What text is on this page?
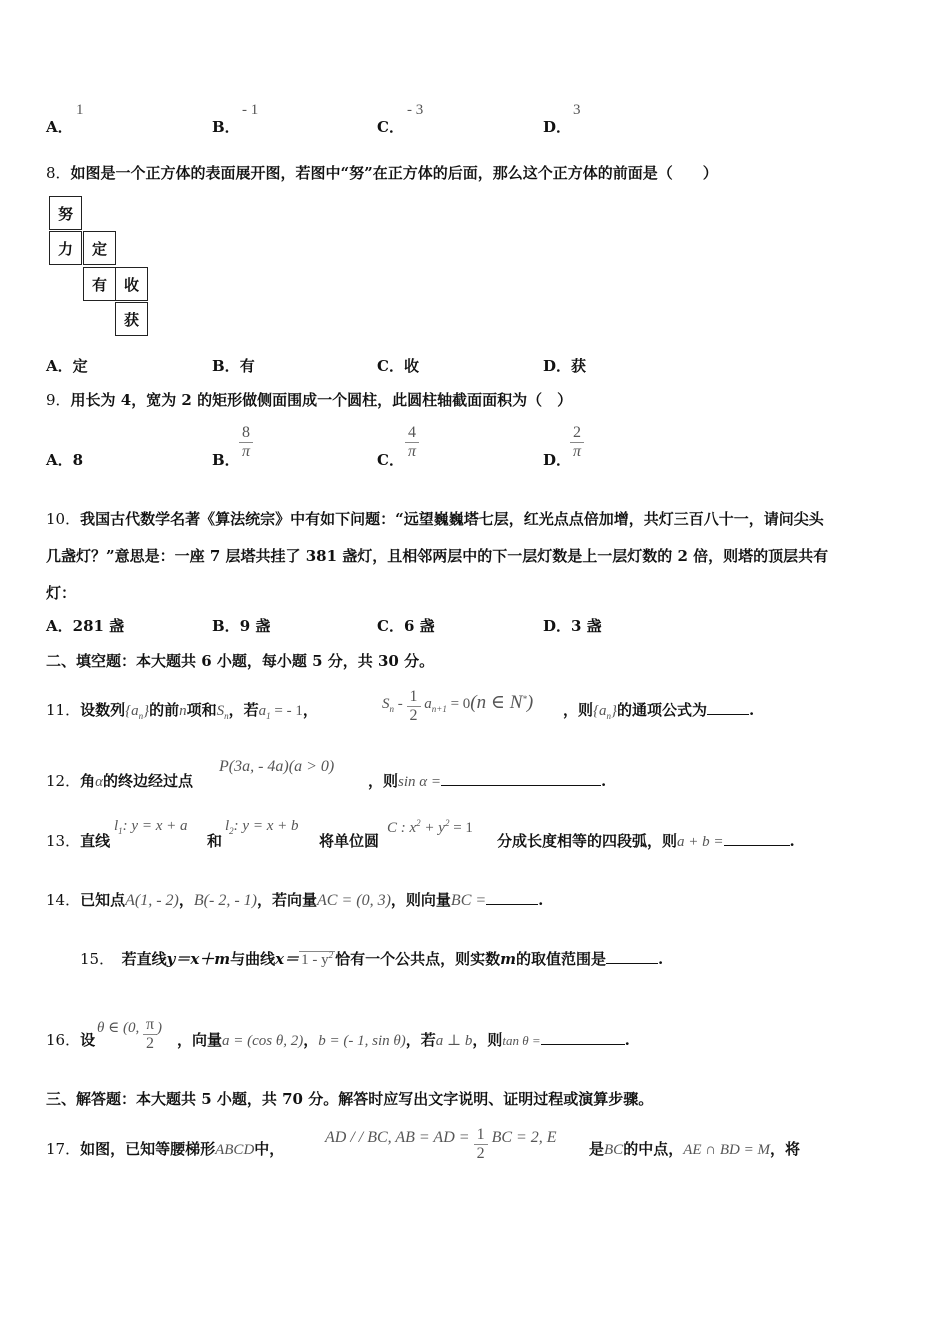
A．
1
B．
- 1
C．
- 3
D．
3
8．如图是一个正方体的表面展开图，若图中“努”在正方体的后面，那么这个正方体的前面是（　　）
努
力	定
有	收
获
A．定	B．有	C．收	D．获
9．用长为 4，宽为 2 的矩形做侧面围成一个圆柱，此圆柱轴截面面积为（　）
A．8	B． $\frac{8}{\pi}$	C． $\frac{4}{\pi}$	D．
$\frac{2}{\pi}$
10．我国古代数学名著《算法统宗》中有如下问题：“远望巍巍塔七层，红光点点倍加增，共灯三百八十一，请问尖头
几盏灯？”意思是：一座 7 层塔共挂了 381 盏灯，且相邻两层中的下一层灯数是上一层灯数的 2 倍，则塔的顶层共有
灯：
A．281 盏	B．9 盏	C．6 盏	D．3 盏
二、填空题：本大题共 6 小题，每小题 5 分，共 30 分。
11．设数列$\{a_n\}$的前n项和$S_n$，若$a_1$ = - 1，	$S_n - \frac{1}{2} a_{n+1} = 0(n$ ∈ N*) ，则$\{a_n\}$的通项公式为	.
12．角α的终边经过点
P(3a, - 4a)(a > 0)
，则sin α =	.
13．直线
$l_1$: y = x + a
和
$l_2$: y = x + b
将单位圆
C : $x^2 + y^2 = 1$
分成长度相等的四段弧，则a + b =	.
14．已知点A(1, - 2)，B(- 2, - 1)，若向量AC = (0, 3)，则向量BC =	.
15．　 若直线y＝x＋m与曲线$x= 1 - y^2$ 恰有一个公共点，则实数m的取值范围是	.
16．设
θ ∈ (0, $\frac{\pi}{2}$ )
，向量a = (cos θ, 2)，b = (- 1, sin θ)，若a ⊥ b，则tan θ =	.
三、解答题：本大题共 5 小题，共 70 分。解答时应写出文字说明、证明过程或演算步骤。
17．如图，已知等腰梯形ABCD中，
AD / / BC, AB = AD = $\frac{1}{2}$ BC = 2, E
是BC的中点，AE ∩ BD = M，将
